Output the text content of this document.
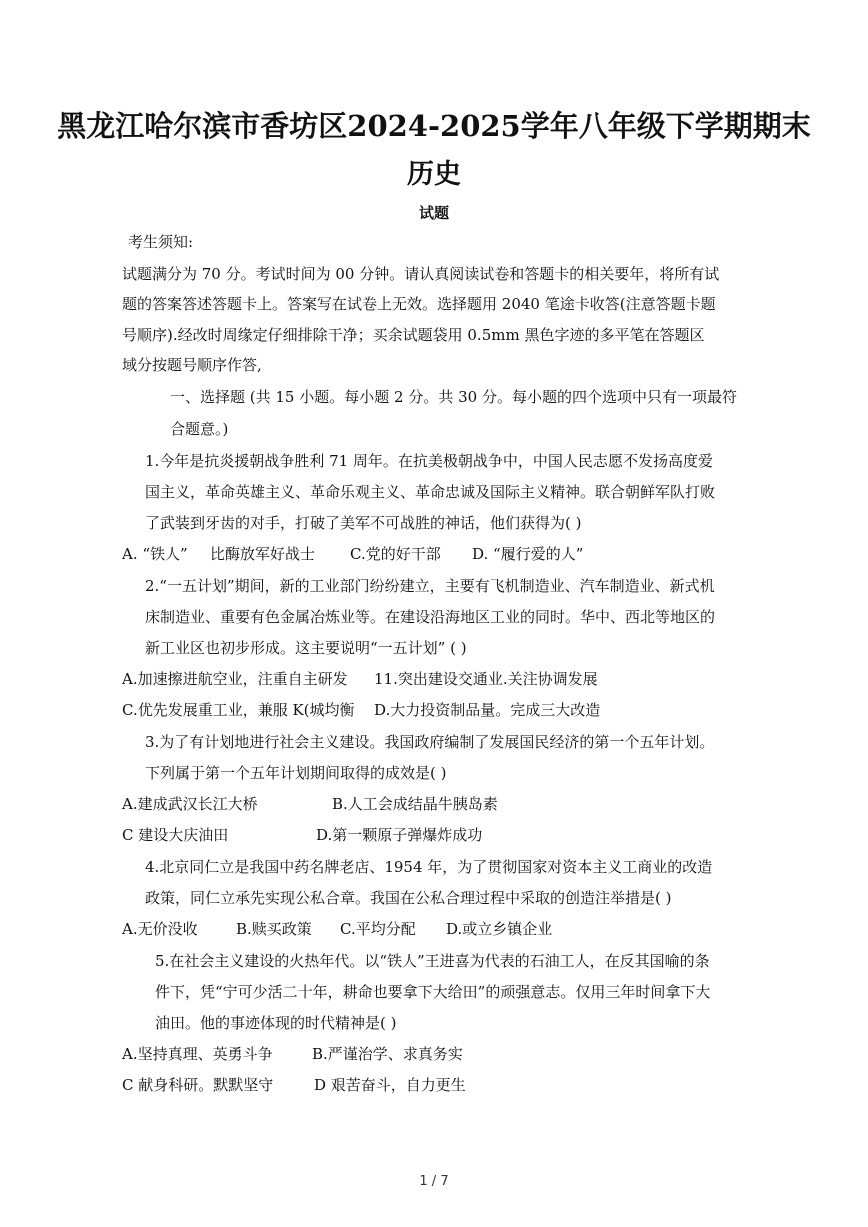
黑龙江哈尔滨市香坊区2024-2025学年八年级下学期期末
历史
试题
考生须知:
试题满分为 70 分。考试时间为 00 分钟。请认真阅读试卷和答题卡的相关要年，将所有试
题的答案答述答题卡上。答案写在试卷上无效。选择题用 2040 笔途卡收答(注意答题卡题
号顺序).经改时周缘定仔细排除干净；买余试题袋用 0.5mm 黑色字迹的多平笔在答题区
域分按题号顺序作答,
一、选择题 (共 15 小题。每小题 2 分。共 30 分。每小题的四个选项中只有一项最符
合题意。)
1.今年是抗炎援朝战争胜利 71 周年。在抗美极朝战争中，中国人民志愿不发扬高度爱
国主义，革命英雄主义、革命乐观主义、革命忠诚及国际主义精神。联合朝鲜军队打败
了武装到牙齿的对手，打破了美军不可战胜的神话，他们获得为( )
A. “铁人” 比酶放军好战士 C.党的好干部 D. “履行爱的人”
2.“一五计划”期间，新的工业部门纷纷建立，主要有飞机制造业、汽车制造业、新式机
床制造业、重要有色金属冶炼业等。在建设沿海地区工业的同时。华中、西北等地区的
新工业区也初步形成。这主要说明“一五计划” ( )
A.加速擦进航空业，注重自主研发 11.突出建设交通业.关注协调发展
C.优先发展重工业，兼服 K(城均衡 D.大力投资制品量。完成三大改造
3.为了有计划地进行社会主义建设。我国政府编制了发展国民经济的第一个五年计划。
下列属于第一个五年计划期间取得的成效是( )
A.建成武汉长江大桥	B.人工会成结晶牛胰岛素
C 建设大庆油田	D.第一颗原子弹爆炸成功
4.北京同仁立是我国中药名牌老店、1954 年，为了贯彻国家对资本主义工商业的改造
政策，同仁立承先实现公私合章。我国在公私合理过程中采取的创造注举措是( )
A.无价没收	B.赎买政策 C.平均分配 D.或立乡镇企业
5.在社会主义建设的火热年代。以“铁人”王进喜为代表的石油工人，在反其国喻的条
件下，凭“宁可少活二十年，耕命也要拿下大给田”的顽强意志。仅用三年时间拿下大
油田。他的事迹体现的时代精神是( )
A.坚持真理、英勇斗争	B.严谨治学、求真务实
C 献身科研。默默坚守	D 艰苦奋斗，自力更生
1 / 7
